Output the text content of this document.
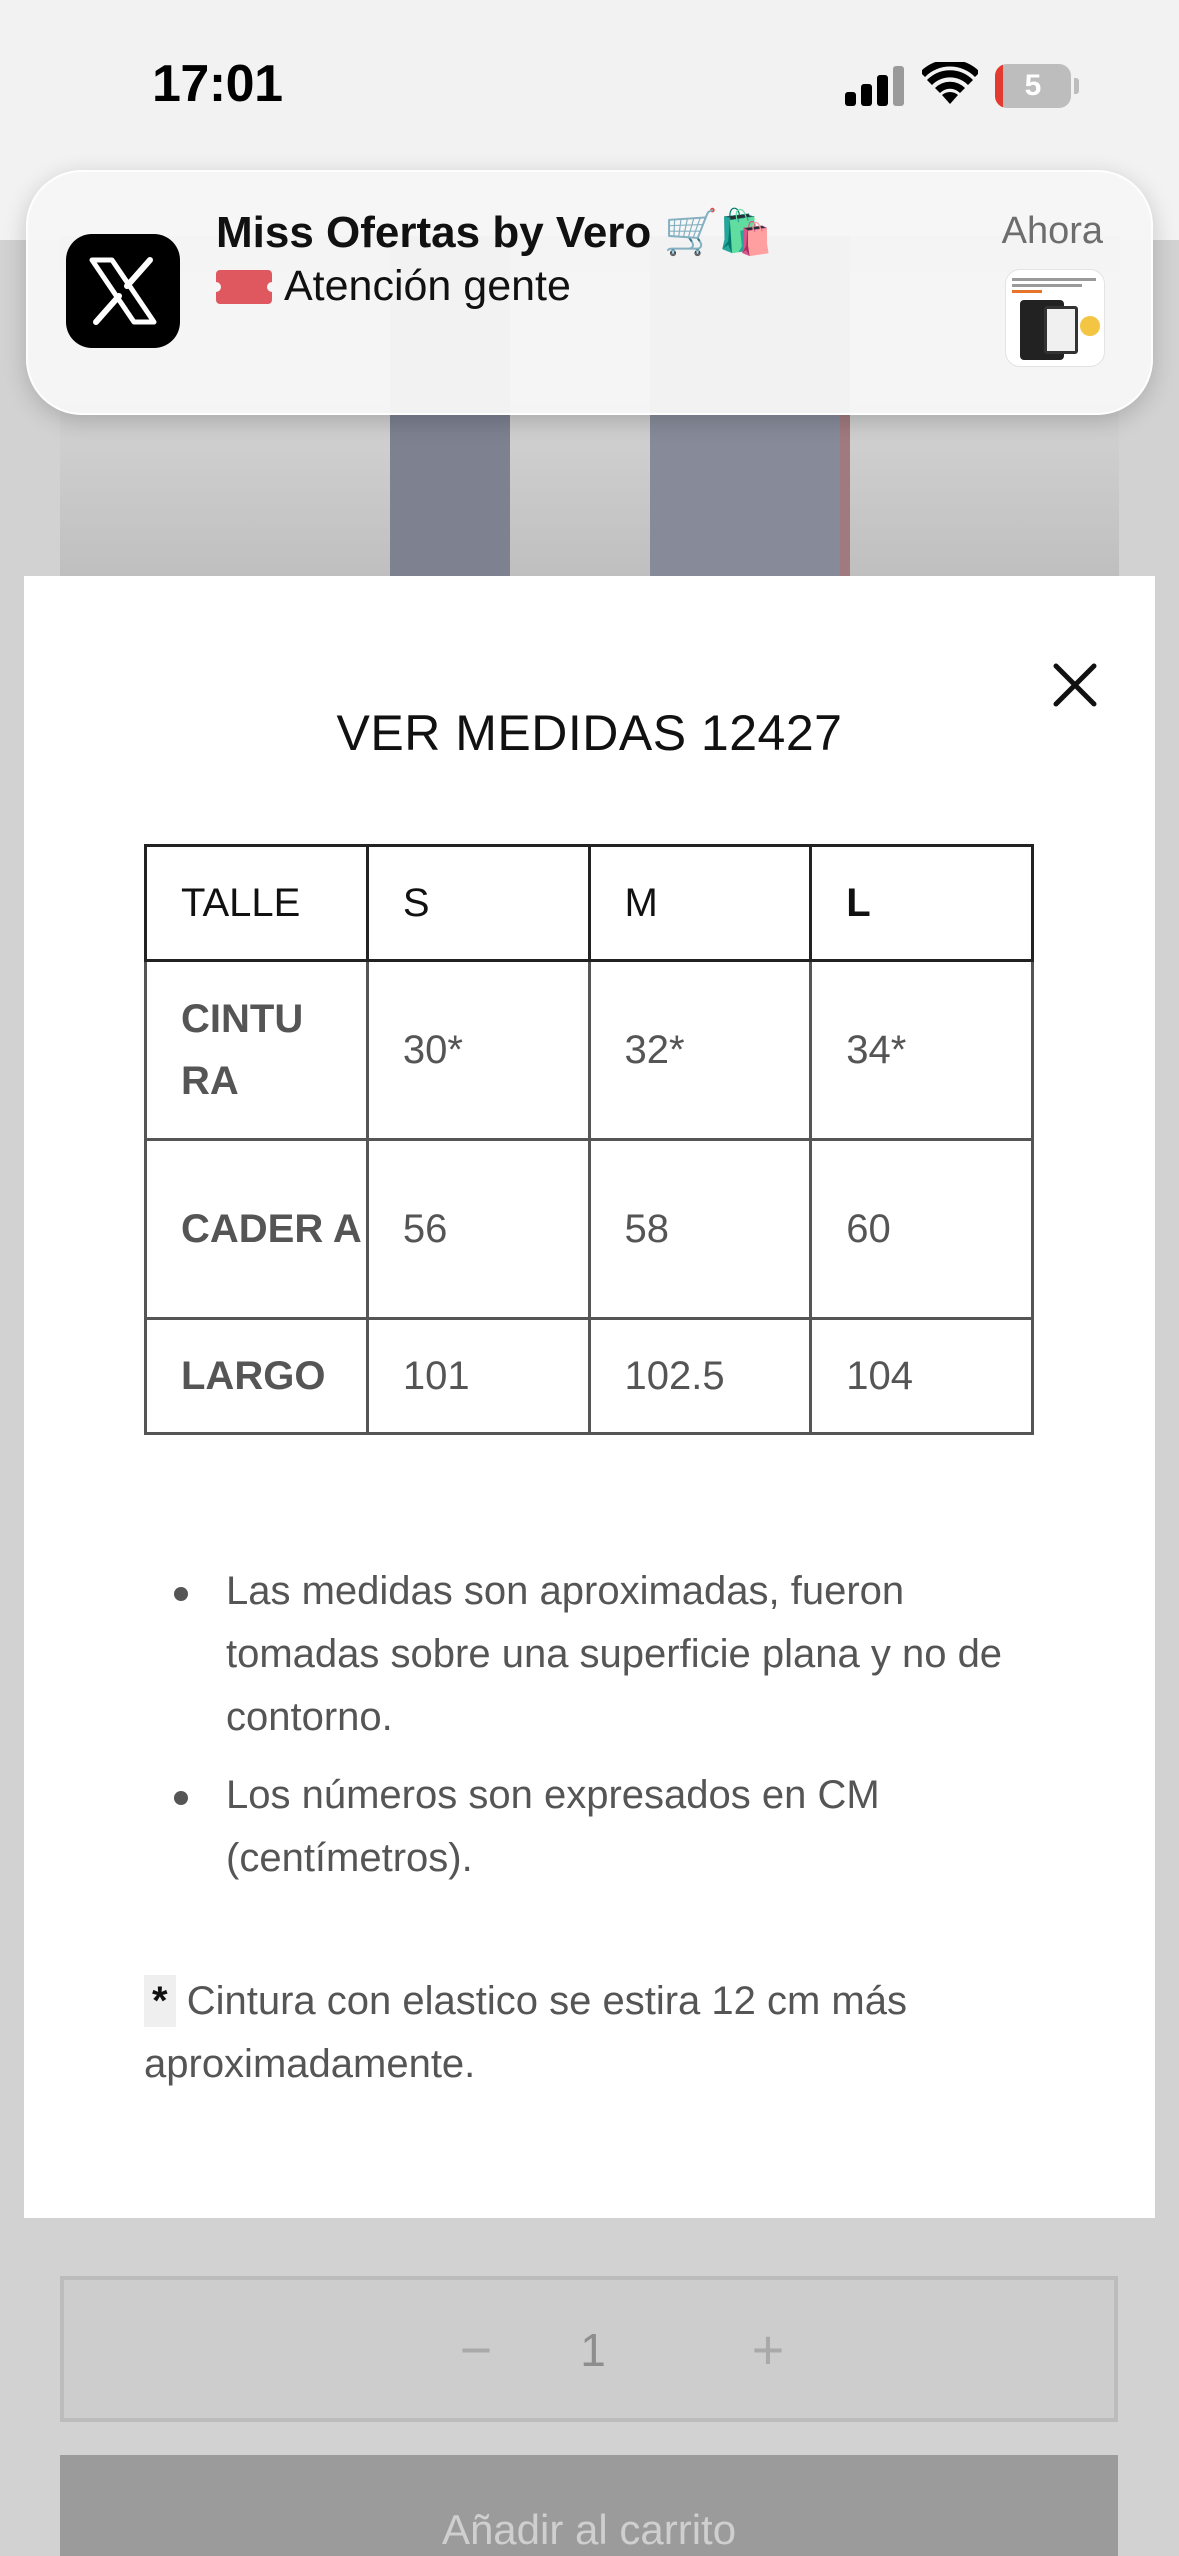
17:01	5
Miss Ofertas by Vero 🛒🛍️
Atención gente
Ahora
VER MEDIDAS 12427
TALLE	S	M	L
CINTU RA	30*	32*	34*
CADER A	56	58	60
LARGO	101	102.5	104
Las medidas son aproximadas, fueron tomadas sobre una superficie plana y no de contorno.
Los números son expresados en CM (centímetros).
* Cintura con elastico se estira 12 cm más aproximadamente.
−	1	+
Añadir al carrito
